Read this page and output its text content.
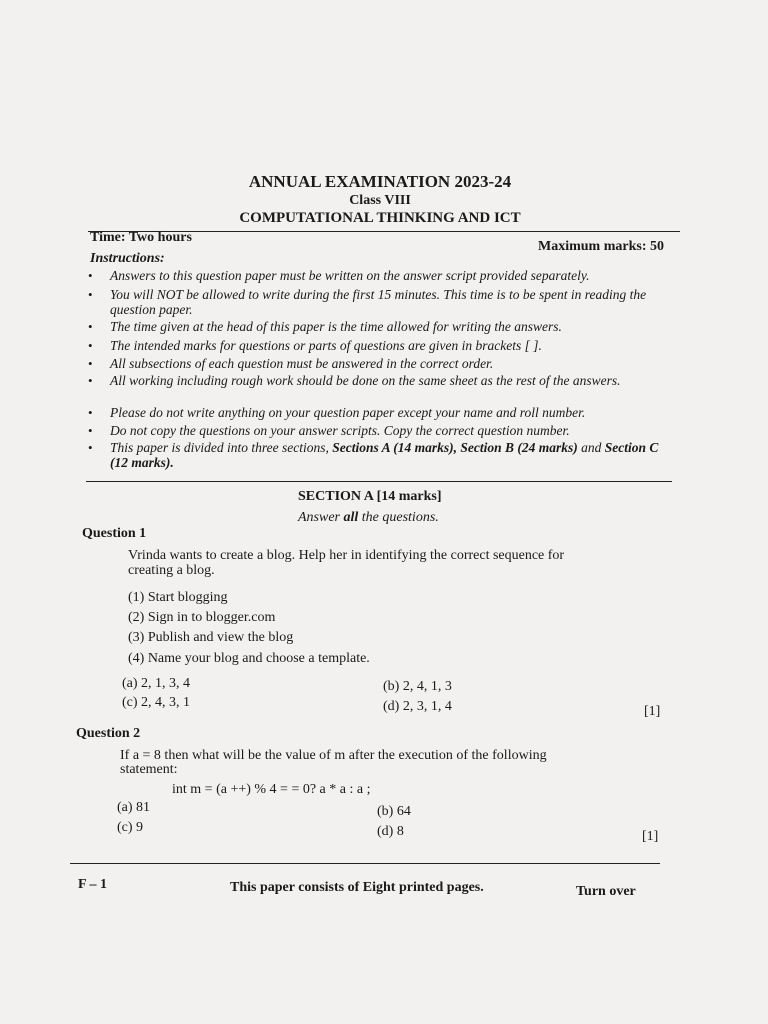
ANNUAL EXAMINATION 2023-24
Class VIII
COMPUTATIONAL THINKING AND ICT
Time: Two hours
Maximum marks: 50
Instructions:
• Answers to this question paper must be written on the answer script provided separately.
• You will NOT be allowed to write during the first 15 minutes. This time is to be spent in reading the question paper.
• The time given at the head of this paper is the time allowed for writing the answers.
• The intended marks for questions or parts of questions are given in brackets [ ].
• All subsections of each question must be answered in the correct order.
• All working including rough work should be done on the same sheet as the rest of the answers.
• Please do not write anything on your question paper except your name and roll number.
• Do not copy the questions on your answer scripts. Copy the correct question number.
• This paper is divided into three sections, Sections A (14 marks), Section B (24 marks) and Section C (12 marks).
SECTION A [14 marks]
Answer all the questions.
Question 1
Vrinda wants to create a blog. Help her in identifying the correct sequence for
creating a blog.
(1) Start blogging
(2) Sign in to blogger.com
(3) Publish and view the blog
(4) Name your blog and choose a template.
(a) 2, 1, 3, 4	(b) 2, 4, 1, 3
(c) 2, 4, 3, 1	(d) 2, 3, 1, 4	[1]
Question 2
If a = 8 then what will be the value of m after the execution of the following
statement:
int m = (a ++) % 4 = = 0? a * a : a ;
(a) 81	(b) 64
(c) 9	(d) 8	[1]
F – 1	This paper consists of Eight printed pages.	Turn over
